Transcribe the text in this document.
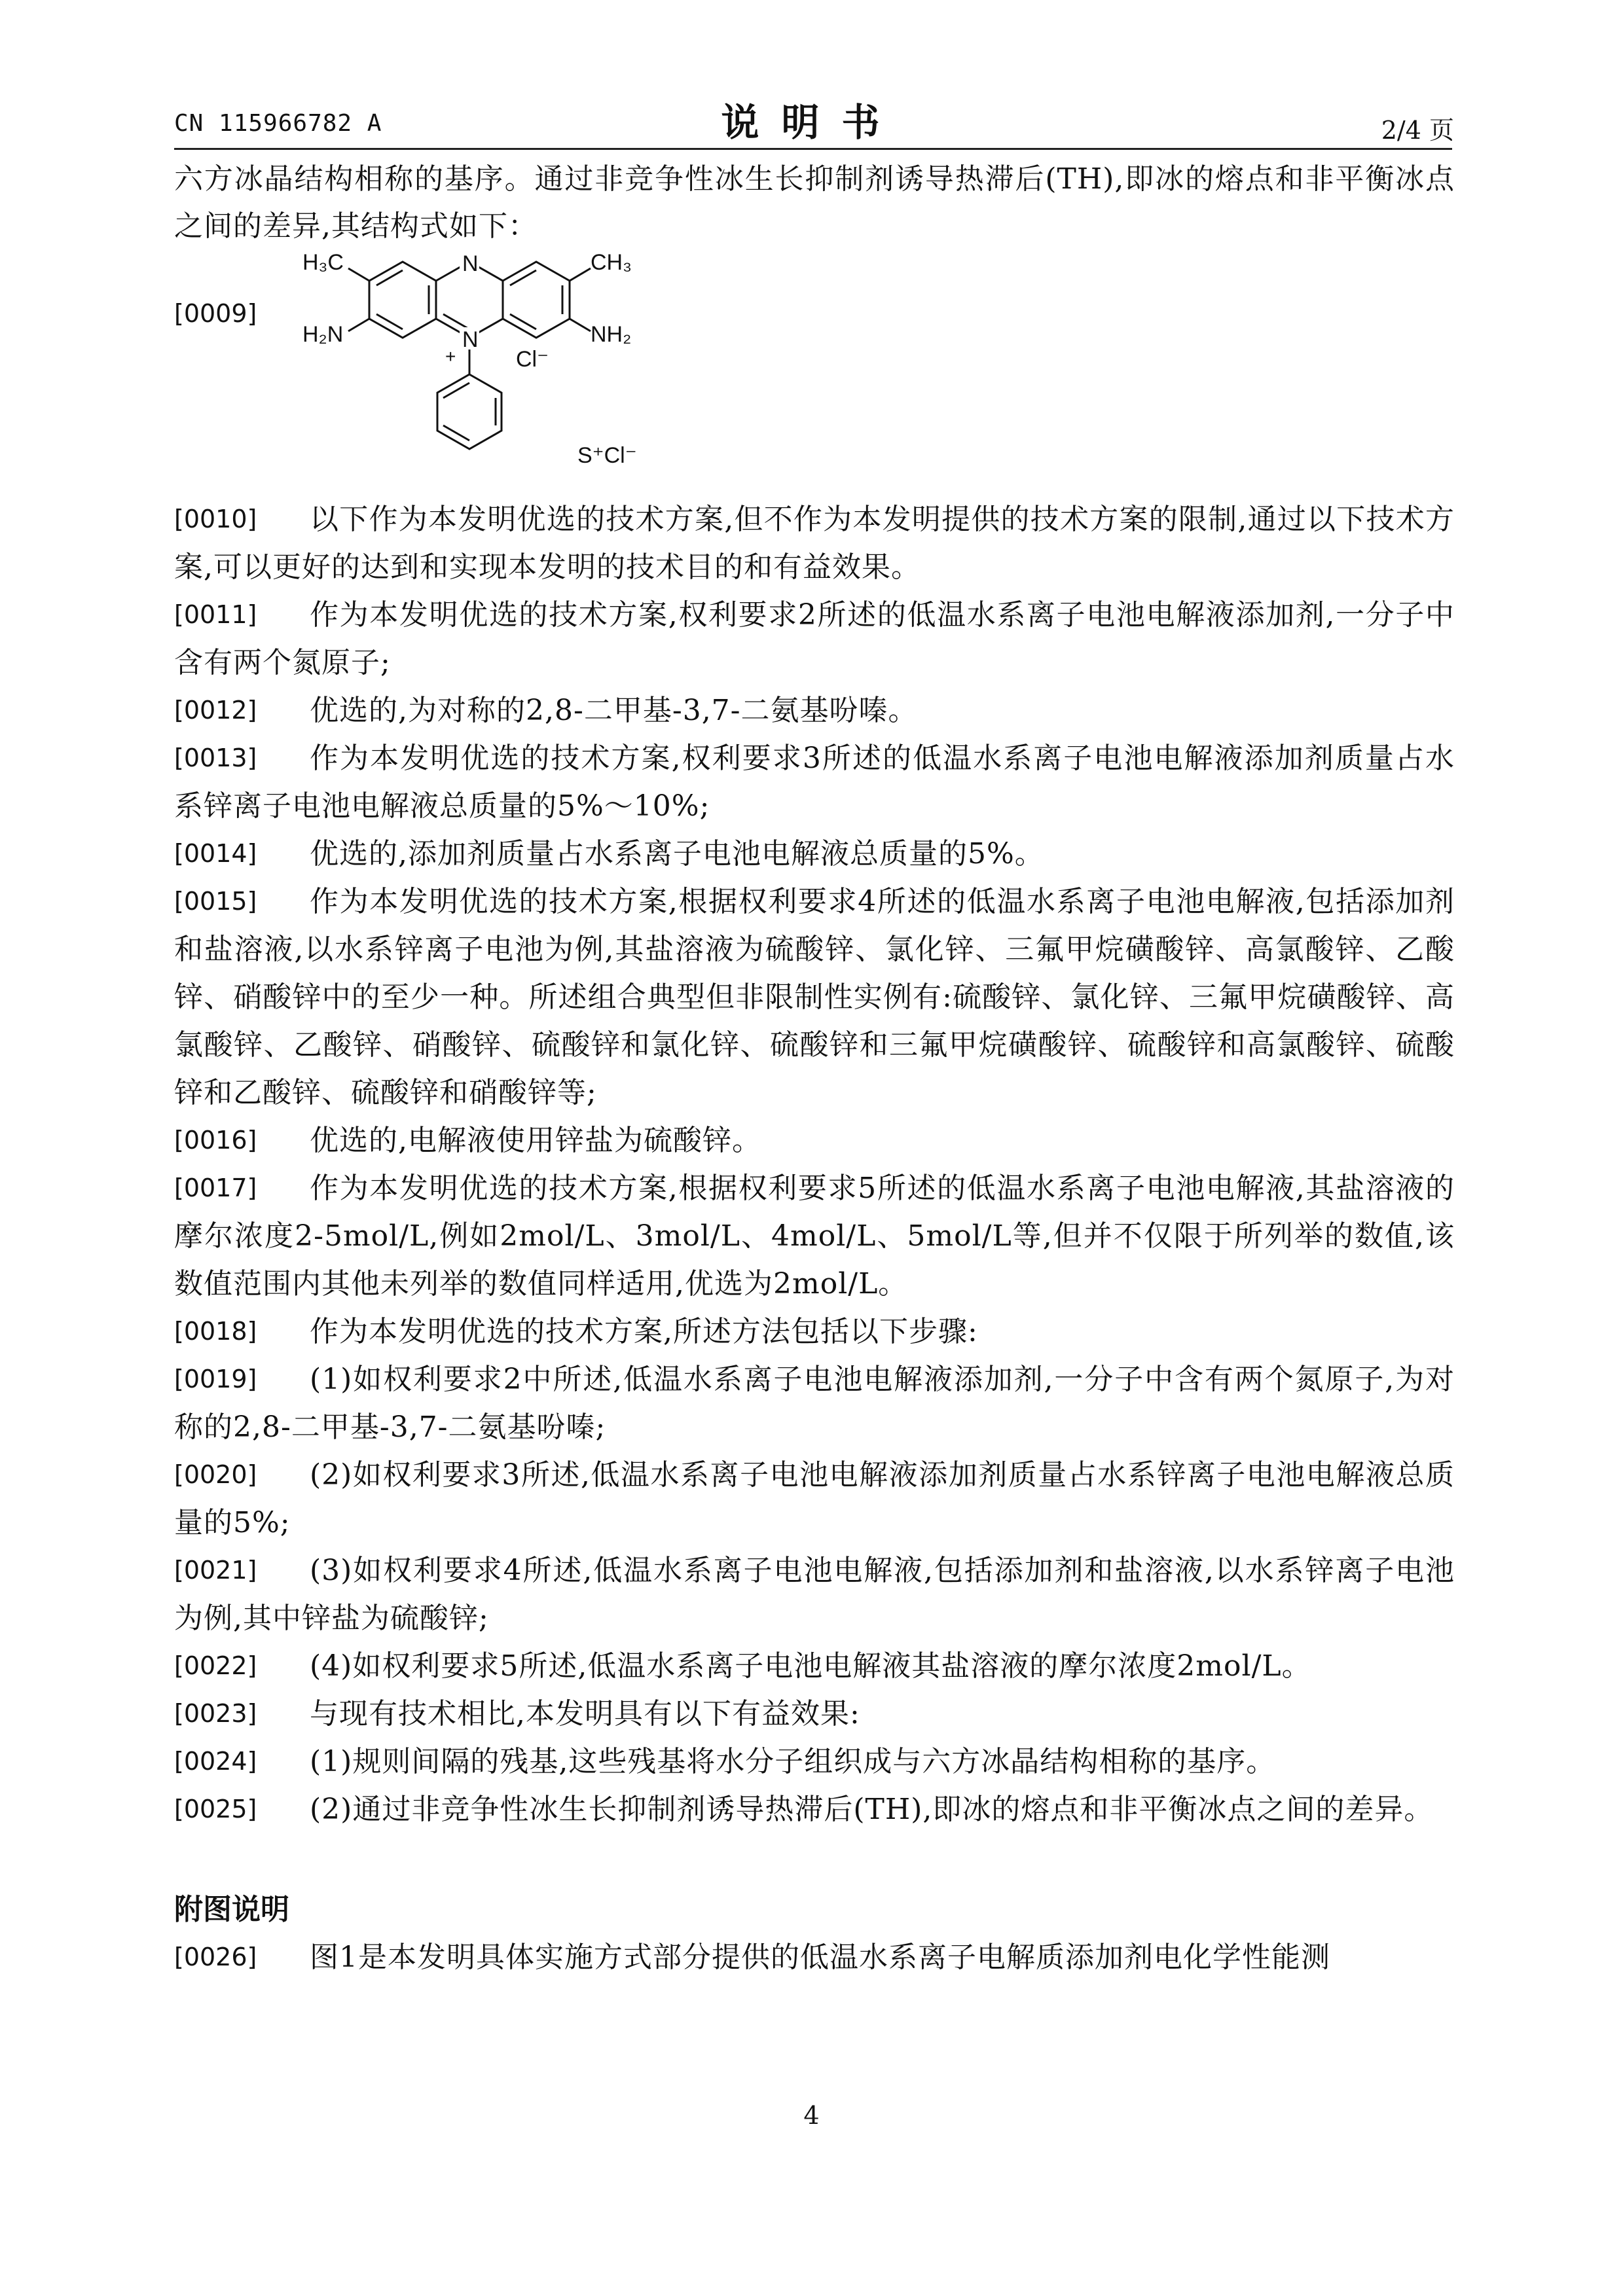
CN 115966782 A	说明书	2/4 页

六方冰晶结构相称的基序。通过非竞争性冰生长抑制剂诱导热滞后(TH),即冰的熔点和非平衡冰点之间的差异,其结构式如下：

[0009]
N
N
+
H₃C	CH₃
H₂N	NH₂
Cl⁻
S⁺Cl⁻

[0010] 以下作为本发明优选的技术方案,但不作为本发明提供的技术方案的限制,通过以下技术方案,可以更好的达到和实现本发明的技术目的和有益效果。

[0011] 作为本发明优选的技术方案,权利要求2所述的低温水系离子电池电解液添加剂,一分子中含有两个氮原子;

[0012] 优选的,为对称的2,8-二甲基-3,7-二氨基吩嗪。

[0013] 作为本发明优选的技术方案,权利要求3所述的低温水系离子电池电解液添加剂质量占水系锌离子电池电解液总质量的5%～10%;

[0014] 优选的,添加剂质量占水系离子电池电解液总质量的5%。

[0015] 作为本发明优选的技术方案,根据权利要求4所述的低温水系离子电池电解液,包括添加剂和盐溶液,以水系锌离子电池为例,其盐溶液为硫酸锌、氯化锌、三氟甲烷磺酸锌、高氯酸锌、乙酸锌、硝酸锌中的至少一种。所述组合典型但非限制性实例有:硫酸锌、氯化锌、三氟甲烷磺酸锌、高氯酸锌、乙酸锌、硝酸锌、硫酸锌和氯化锌、硫酸锌和三氟甲烷磺酸锌、硫酸锌和高氯酸锌、硫酸锌和乙酸锌、硫酸锌和硝酸锌等;

[0016] 优选的,电解液使用锌盐为硫酸锌。

[0017] 作为本发明优选的技术方案,根据权利要求5所述的低温水系离子电池电解液,其盐溶液的摩尔浓度2-5mol/L,例如2mol/L、3mol/L、4mol/L、5mol/L等,但并不仅限于所列举的数值,该数值范围内其他未列举的数值同样适用,优选为2mol/L。

[0018] 作为本发明优选的技术方案,所述方法包括以下步骤:

[0019] (1)如权利要求2中所述,低温水系离子电池电解液添加剂,一分子中含有两个氮原子,为对称的2,8-二甲基-3,7-二氨基吩嗪;

[0020] (2)如权利要求3所述,低温水系离子电池电解液添加剂质量占水系锌离子电池电解液总质量的5%;

[0021] (3)如权利要求4所述,低温水系离子电池电解液,包括添加剂和盐溶液,以水系锌离子电池为例,其中锌盐为硫酸锌;

[0022] (4)如权利要求5所述,低温水系离子电池电解液其盐溶液的摩尔浓度2mol/L。

[0023] 与现有技术相比,本发明具有以下有益效果:

[0024] (1)规则间隔的残基,这些残基将水分子组织成与六方冰晶结构相称的基序。

[0025] (2)通过非竞争性冰生长抑制剂诱导热滞后(TH),即冰的熔点和非平衡冰点之间的差异。

附图说明

[0026] 图1是本发明具体实施方式部分提供的低温水系离子电解质添加剂电化学性能测

4
